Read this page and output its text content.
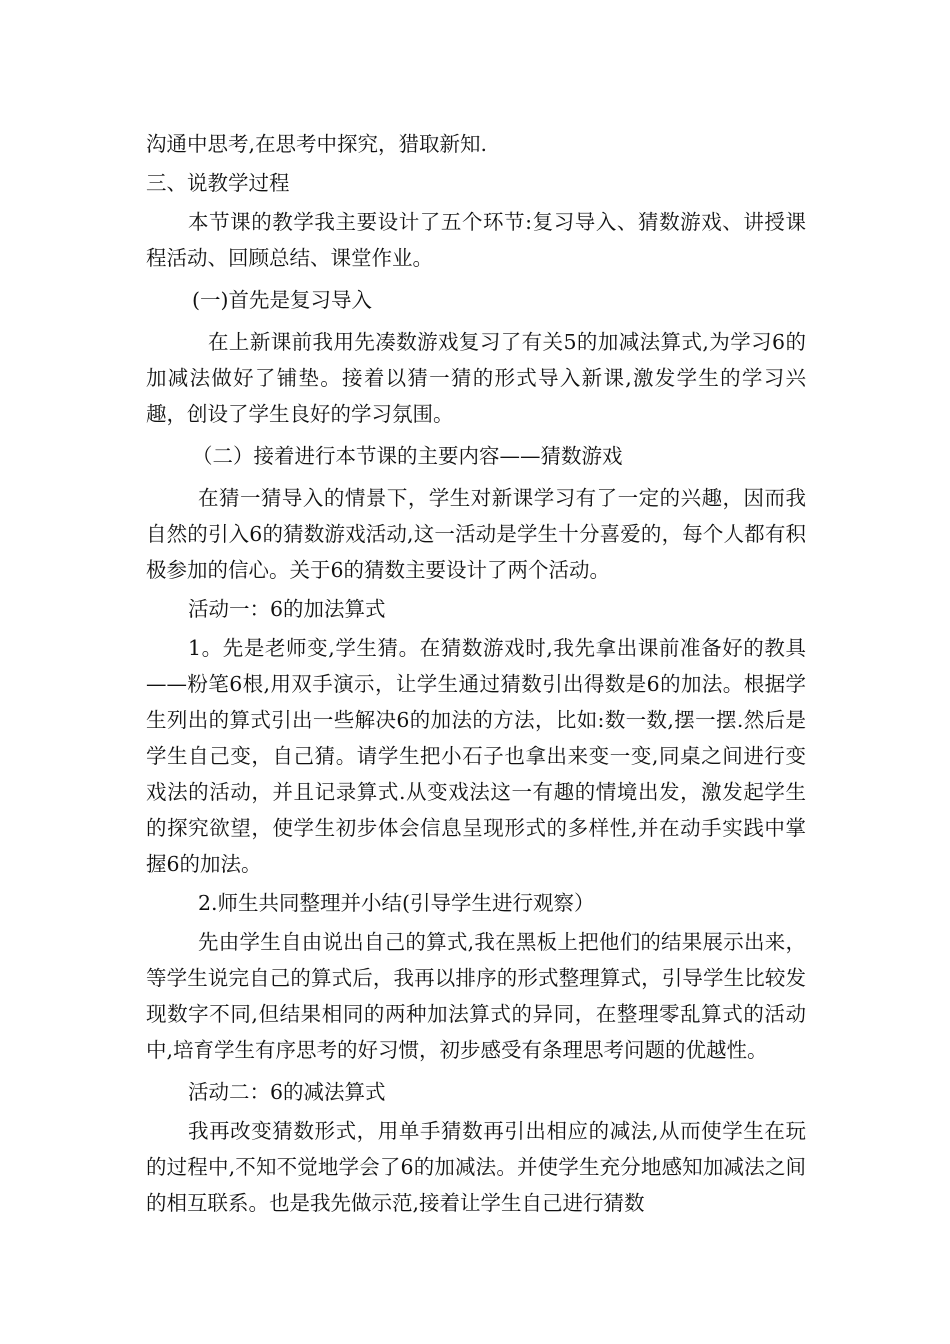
沟通中思考,在思考中探究，猎取新知.

三、说教学过程

本节课的教学我主要设计了五个环节:复习导入、猜数游戏、讲授课程活动、回顾总结、课堂作业。

(一)首先是复习导入

在上新课前我用先凑数游戏复习了有关5的加减法算式,为学习6的加减法做好了铺垫。接着以猜一猜的形式导入新课,激发学生的学习兴趣，创设了学生良好的学习氛围。

（二）接着进行本节课的主要内容——猜数游戏

在猜一猜导入的情景下，学生对新课学习有了一定的兴趣，因而我自然的引入6的猜数游戏活动,这一活动是学生十分喜爱的，每个人都有积极参加的信心。关于6的猜数主要设计了两个活动。

活动一：6的加法算式

1。先是老师变,学生猜。在猜数游戏时,我先拿出课前准备好的教具——粉笔6根,用双手演示，让学生通过猜数引出得数是6的加法。根据学生列出的算式引出一些解决6的加法的方法，比如:数一数,摆一摆.然后是学生自己变，自己猜。请学生把小石子也拿出来变一变,同桌之间进行变戏法的活动，并且记录算式.从变戏法这一有趣的情境出发，激发起学生的探究欲望，使学生初步体会信息呈现形式的多样性,并在动手实践中掌握6的加法。

2.师生共同整理并小结(引导学生进行观察）

先由学生自由说出自己的算式,我在黑板上把他们的结果展示出来，等学生说完自己的算式后，我再以排序的形式整理算式，引导学生比较发现数字不同,但结果相同的两种加法算式的异同，在整理零乱算式的活动中,培育学生有序思考的好习惯，初步感受有条理思考问题的优越性。

活动二：6的减法算式

我再改变猜数形式，用单手猜数再引出相应的减法,从而使学生在玩的过程中,不知不觉地学会了6的加减法。并使学生充分地感知加减法之间的相互联系。也是我先做示范,接着让学生自己进行猜数
